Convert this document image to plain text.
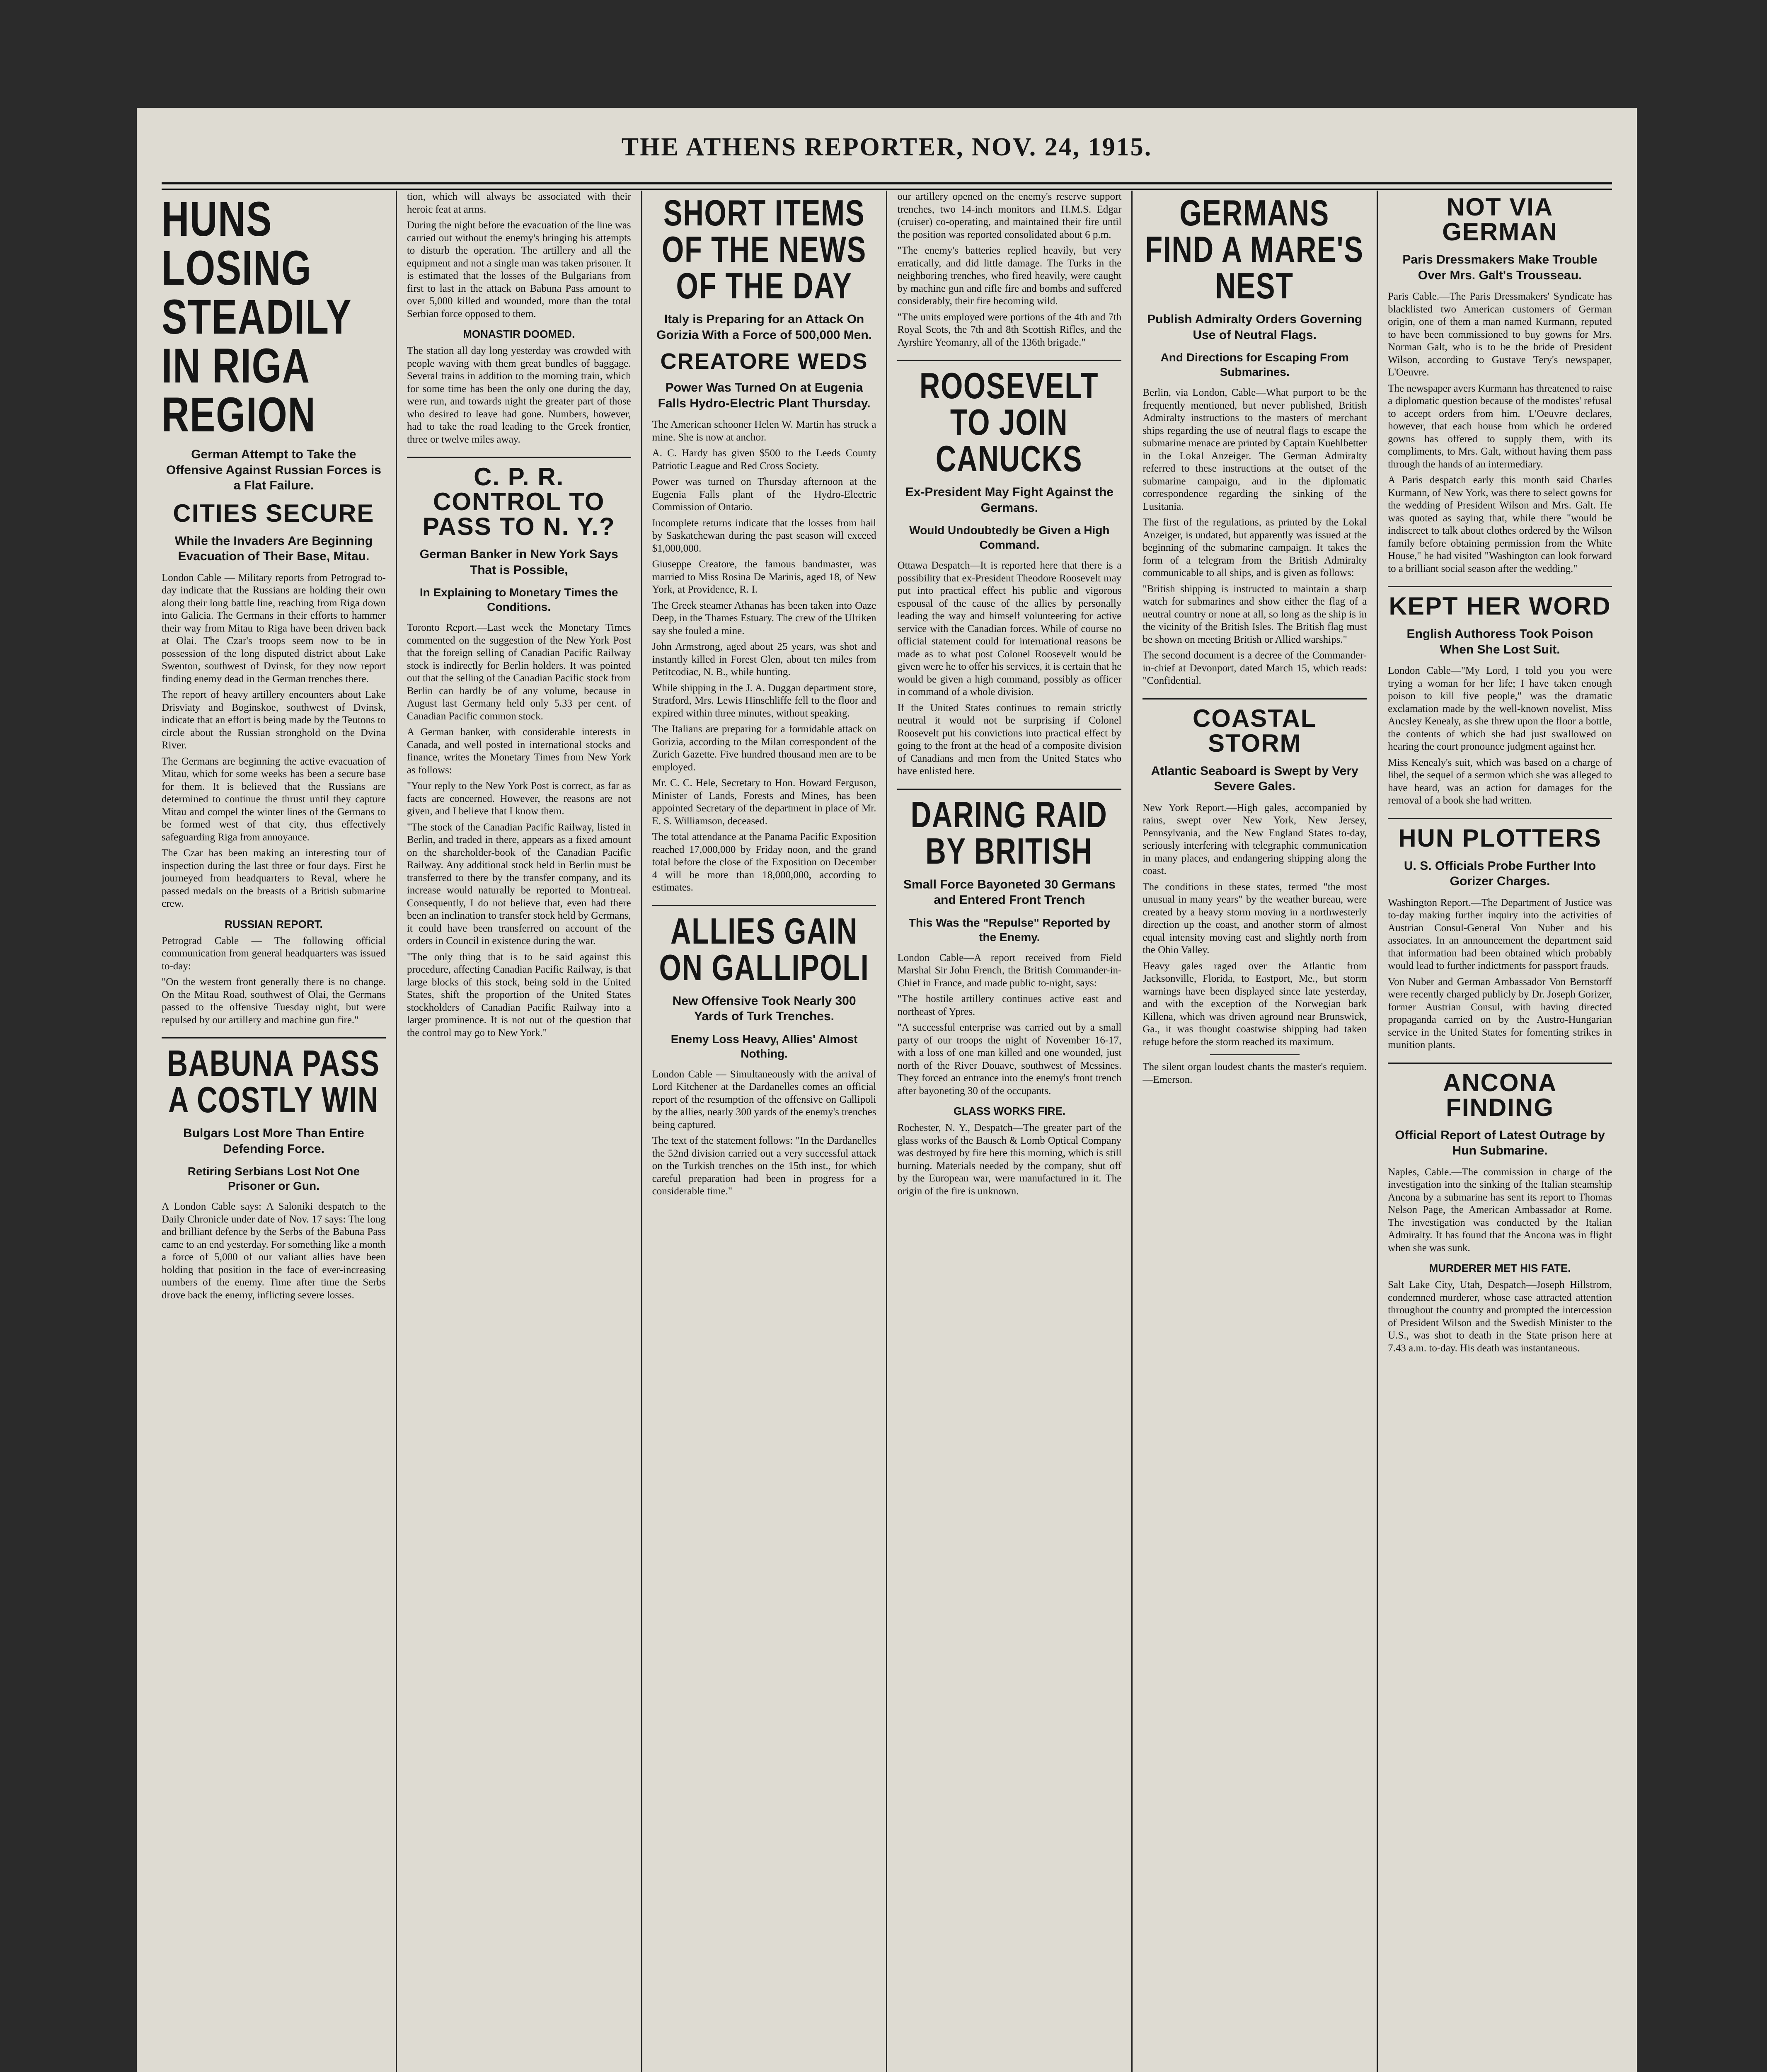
THE ATHENS REPORTER, NOV. 24, 1915.
HUNS LOSING STEADILY IN RIGA REGION
German Attempt to Take the Offensive Against Russian Forces is a Flat Failure.
CITIES SECURE
While the Invaders Are Beginning Evacuation of Their Base, Mitau.

London Cable — Military reports from Petrograd to-day indicate that the Russians are holding their own along their long battle line, reaching from Riga down into Galicia. The Germans in their efforts to hammer their way from Mitau to Riga have been driven back at Olai. The Czar's troops seem now to be in possession of the long disputed district about Lake Swenton, southwest of Dvinsk, for they now report finding enemy dead in the German trenches there.

The report of heavy artillery encounters about Lake Drisviaty and Boginskoe, southwest of Dvinsk, indicate that an effort is being made by the Teutons to circle about the Russian stronghold on the Dvina River.

The Germans are beginning the active evacuation of Mitau, which for some weeks has been a secure base for them. It is believed that the Russians are determined to continue the thrust until they capture Mitau and compel the winter lines of the Germans to be formed west of that city, thus effectively safeguarding Riga from annoyance.

The Czar has been making an interesting tour of inspection during the last three or four days. First he journeyed from headquarters to Reval, where he passed medals on the breasts of a British submarine crew.

RUSSIAN REPORT.

Petrograd Cable — The following official communication from general headquarters was issued to-day:

"On the western front generally there is no change. On the Mitau Road, southwest of Olai, the Germans passed to the offensive Tuesday night, but were repulsed by our artillery and machine gun fire."

BABUNA PASS A COSTLY WIN
Bulgars Lost More Than Entire Defending Force.
Retiring Serbians Lost Not One Prisoner or Gun.

A London Cable says: A Saloniki despatch to the Daily Chronicle under date of Nov. 17 says: The long and brilliant defence by the Serbs of the Babuna Pass came to an end yesterday. For something like a month a force of 5,000 of our valiant allies have been holding that position in the face of ever-increasing numbers of the enemy. Time after time the Serbs drove back the enemy, inflicting severe losses.

tion, which will always be associated with their heroic feat at arms.

During the night before the evacuation of the line was carried out without the enemy's bringing his attempts to disturb the operation. The artillery and all the equipment and not a single man was taken prisoner. It is estimated that the losses of the Bulgarians from first to last in the attack on Babuna Pass amount to over 5,000 killed and wounded, more than the total Serbian force opposed to them.

MONASTIR DOOMED.

The station all day long yesterday was crowded with people waving with them great bundles of baggage. Several trains in addition to the morning train, which for some time has been the only one during the day, were run, and towards night the greater part of those who desired to leave had gone. Numbers, however, had to take the road leading to the Greek frontier, three or twelve miles away.

C. P. R. CONTROL TO PASS TO N. Y.?
German Banker in New York Says That is Possible,
In Explaining to Monetary Times the Conditions.

Toronto Report.—Last week the Monetary Times commented on the suggestion of the New York Post that the foreign selling of Canadian Pacific Railway stock is indirectly for Berlin holders. It was pointed out that the selling of the Canadian Pacific stock from Berlin can hardly be of any volume, because in August last Germany held only 5.33 per cent. of Canadian Pacific common stock.

A German banker, with considerable interests in Canada, and well posted in international stocks and finance, writes the Monetary Times from New York as follows:

"Your reply to the New York Post is correct, as far as facts are concerned. However, the reasons are not given, and I believe that I know them.

"The stock of the Canadian Pacific Railway, listed in Berlin, and traded in there, appears as a fixed amount on the shareholder-book of the Canadian Pacific Railway. Any additional stock held in Berlin must be transferred to there by the transfer company, and its increase would naturally be reported to Montreal. Consequently, I do not believe that, even had there been an inclination to transfer stock held by Germans, it could have been transferred on account of the orders in Council in existence during the war.

"The only thing that is to be said against this procedure, affecting Canadian Pacific Railway, is that large blocks of this stock, being sold in the United States, shift the proportion of the United States stockholders of Canadian Pacific Railway into a larger prominence. It is not out of the question that the control may go to New York."

SHORT ITEMS OF THE NEWS OF THE DAY
Italy is Preparing for an Attack On Gorizia With a Force of 500,000 Men.
CREATORE WEDS
Power Was Turned On at Eugenia Falls Hydro-Electric Plant Thursday.

The American schooner Helen W. Martin has struck a mine. She is now at anchor.

A. C. Hardy has given $500 to the Leeds County Patriotic League and Red Cross Society.

Power was turned on Thursday afternoon at the Eugenia Falls plant of the Hydro-Electric Commission of Ontario.

Incomplete returns indicate that the losses from hail by Saskatchewan during the past season will exceed $1,000,000.

Giuseppe Creatore, the famous bandmaster, was married to Miss Rosina De Marinis, aged 18, of New York, at Providence, R. I.

The Greek steamer Athanas has been taken into Oaze Deep, in the Thames Estuary. The crew of the Ulriken say she fouled a mine.

John Armstrong, aged about 25 years, was shot and instantly killed in Forest Glen, about ten miles from Petitcodiac, N. B., while hunting.

While shipping in the J. A. Duggan department store, Stratford, Mrs. Lewis Hinschliffe fell to the floor and expired within three minutes, without speaking.

The Italians are preparing for a formidable attack on Gorizia, according to the Milan correspondent of the Zurich Gazette. Five hundred thousand men are to be employed.

Mr. C. C. Hele, Secretary to Hon. Howard Ferguson, Minister of Lands, Forests and Mines, has been appointed Secretary of the department in place of Mr. E. S. Williamson, deceased.

The total attendance at the Panama Pacific Exposition reached 17,000,000 by Friday noon, and the grand total before the close of the Exposition on December 4 will be more than 18,000,000, according to estimates.

ALLIES GAIN ON GALLIPOLI
New Offensive Took Nearly 300 Yards of Turk Trenches.
Enemy Loss Heavy, Allies' Almost Nothing.

London Cable — Simultaneously with the arrival of Lord Kitchener at the Dardanelles comes an official report of the resumption of the offensive on Gallipoli by the allies, nearly 300 yards of the enemy's trenches being captured.

The text of the statement follows: "In the Dardanelles the 52nd division carried out a very successful attack on the Turkish trenches on the 15th inst., for which careful preparation had been in progress for a considerable time."

our artillery opened on the enemy's reserve support trenches, two 14-inch monitors and H.M.S. Edgar (cruiser) co-operating, and maintained their fire until the position was reported consolidated about 6 p.m.

"The enemy's batteries replied heavily, but very erratically, and did little damage. The Turks in the neighboring trenches, who fired heavily, were caught by machine gun and rifle fire and bombs and suffered considerably, their fire becoming wild.

"The units employed were portions of the 4th and 7th Royal Scots, the 7th and 8th Scottish Rifles, and the Ayrshire Yeomanry, all of the 136th brigade."

ROOSEVELT TO JOIN CANUCKS
Ex-President May Fight Against the Germans.
Would Undoubtedly be Given a High Command.

Ottawa Despatch—It is reported here that there is a possibility that ex-President Theodore Roosevelt may put into practical effect his public and vigorous espousal of the cause of the allies by personally leading the way and himself volunteering for active service with the Canadian forces. While of course no official statement could for international reasons be made as to what post Colonel Roosevelt would be given were he to offer his services, it is certain that he would be given a high command, possibly as officer in command of a whole division.

If the United States continues to remain strictly neutral it would not be surprising if Colonel Roosevelt put his convictions into practical effect by going to the front at the head of a composite division of Canadians and men from the United States who have enlisted here.

DARING RAID BY BRITISH
Small Force Bayoneted 30 Germans and Entered Front Trench
This Was the "Repulse" Reported by the Enemy.

London Cable—A report received from Field Marshal Sir John French, the British Commander-in-Chief in France, and made public to-night, says:

"The hostile artillery continues active east and northeast of Ypres.

"A successful enterprise was carried out by a small party of our troops the night of November 16-17, with a loss of one man killed and one wounded, just north of the River Douave, southwest of Messines. They forced an entrance into the enemy's front trench after bayoneting 30 of the occupants.

GLASS WORKS FIRE.

Rochester, N. Y., Despatch—The greater part of the glass works of the Bausch & Lomb Optical Company was destroyed by fire here this morning, which is still burning. Materials needed by the company, shut off by the European war, were manufactured in it. The origin of the fire is unknown.

GERMANS FIND A MARE'S NEST
Publish Admiralty Orders Governing Use of Neutral Flags.
And Directions for Escaping From Submarines.

Berlin, via London, Cable—What purport to be the frequently mentioned, but never published, British Admiralty instructions to the masters of merchant ships regarding the use of neutral flags to escape the submarine menace are printed by Captain Kuehlbetter in the Lokal Anzeiger. The German Admiralty referred to these instructions at the outset of the submarine campaign, and in the diplomatic correspondence regarding the sinking of the Lusitania.

The first of the regulations, as printed by the Lokal Anzeiger, is undated, but apparently was issued at the beginning of the submarine campaign. It takes the form of a telegram from the British Admiralty communicable to all ships, and is given as follows:

"British shipping is instructed to maintain a sharp watch for submarines and show either the flag of a neutral country or none at all, so long as the ship is in the vicinity of the British Isles. The British flag must be shown on meeting British or Allied warships."

The second document is a decree of the Commander-in-chief at Devonport, dated March 15, which reads: "Confidential.

COASTAL STORM
Atlantic Seaboard is Swept by Very Severe Gales.

New York Report.—High gales, accompanied by rains, swept over New York, New Jersey, Pennsylvania, and the New England States to-day, seriously interfering with telegraphic communication in many places, and endangering shipping along the coast.

The conditions in these states, termed "the most unusual in many years" by the weather bureau, were created by a heavy storm moving in a northwesterly direction up the coast, and another storm of almost equal intensity moving east and slightly north from the Ohio Valley.

Heavy gales raged over the Atlantic from Jacksonville, Florida, to Eastport, Me., but storm warnings have been displayed since late yesterday, and with the exception of the Norwegian bark Killena, which was driven aground near Brunswick, Ga., it was thought coastwise shipping had taken refuge before the storm reached its maximum.

The silent organ loudest chants the master's requiem.—Emerson.

NOT VIA GERMAN
Paris Dressmakers Make Trouble Over Mrs. Galt's Trousseau.

Paris Cable.—The Paris Dressmakers' Syndicate has blacklisted two American customers of German origin, one of them a man named Kurmann, reputed to have been commissioned to buy gowns for Mrs. Norman Galt, who is to be the bride of President Wilson, according to Gustave Tery's newspaper, L'Oeuvre.

The newspaper avers Kurmann has threatened to raise a diplomatic question because of the modistes' refusal to accept orders from him. L'Oeuvre declares, however, that each house from which he ordered gowns has offered to supply them, with its compliments, to Mrs. Galt, without having them pass through the hands of an intermediary.

A Paris despatch early this month said Charles Kurmann, of New York, was there to select gowns for the wedding of President Wilson and Mrs. Galt. He was quoted as saying that, while there "would be indiscreet to talk about clothes ordered by the Wilson family before obtaining permission from the White House," he had visited "Washington can look forward to a brilliant social season after the wedding."

KEPT HER WORD
English Authoress Took Poison When She Lost Suit.

London Cable—"My Lord, I told you you were trying a woman for her life; I have taken enough poison to kill five people," was the dramatic exclamation made by the well-known novelist, Miss Ancsley Kenealy, as she threw upon the floor a bottle, the contents of which she had just swallowed on hearing the court pronounce judgment against her.

Miss Kenealy's suit, which was based on a charge of libel, the sequel of a sermon which she was alleged to have heard, was an action for damages for the removal of a book she had written.

HUN PLOTTERS
U. S. Officials Probe Further Into Gorizer Charges.

Washington Report.—The Department of Justice was to-day making further inquiry into the activities of Austrian Consul-General Von Nuber and his associates. In an announcement the department said that information had been obtained which probably would lead to further indictments for passport frauds.

Von Nuber and German Ambassador Von Bernstorff were recently charged publicly by Dr. Joseph Gorizer, former Austrian Consul, with having directed propaganda carried on by the Austro-Hungarian service in the United States for fomenting strikes in munition plants.

ANCONA FINDING
Official Report of Latest Outrage by Hun Submarine.

Naples, Cable.—The commission in charge of the investigation into the sinking of the Italian steamship Ancona by a submarine has sent its report to Thomas Nelson Page, the American Ambassador at Rome. The investigation was conducted by the Italian Admiralty. It has found that the Ancona was in flight when she was sunk.

MURDERER MET HIS FATE.

Salt Lake City, Utah, Despatch—Joseph Hillstrom, condemned murderer, whose case attracted attention throughout the country and prompted the intercession of President Wilson and the Swedish Minister to the U.S., was shot to death in the State prison here at 7.43 a.m. to-day. His death was instantaneous.
